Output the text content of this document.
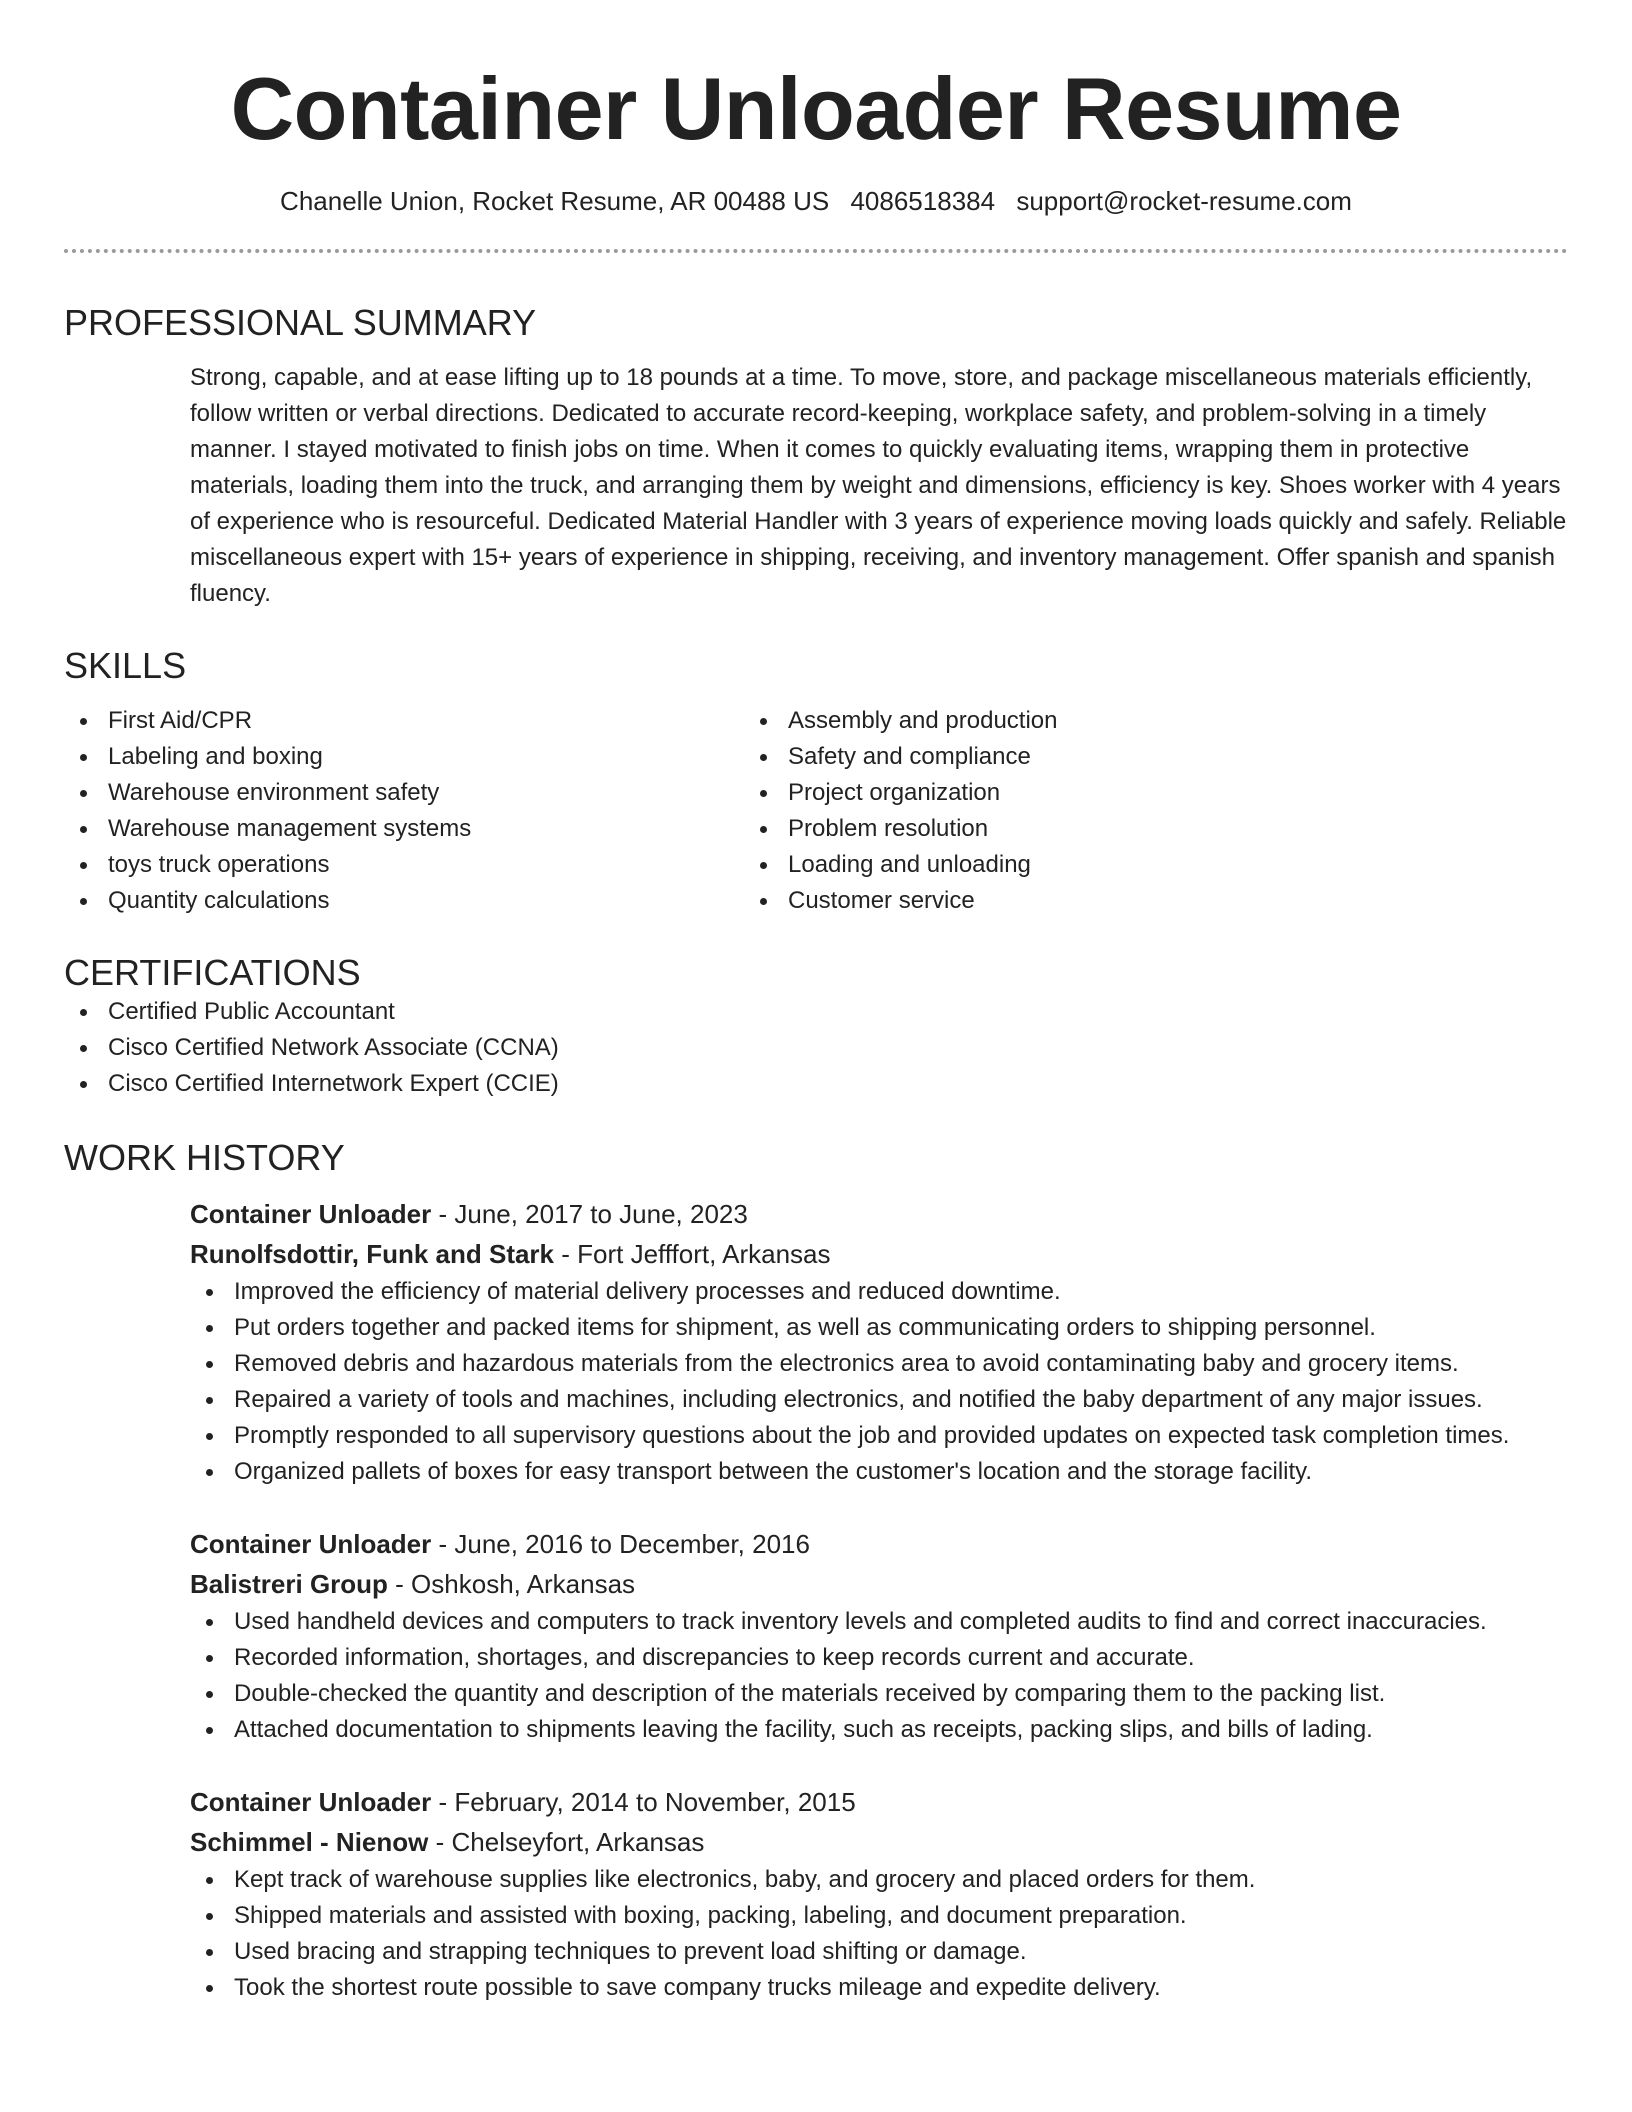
Container Unloader Resume
Chanelle Union, Rocket Resume, AR 00488 US 4086518384 support@rocket-resume.com
PROFESSIONAL SUMMARY

Strong, capable, and at ease lifting up to 18 pounds at a time. To move, store, and package miscellaneous materials efficiently, follow written or verbal directions. Dedicated to accurate record-keeping, workplace safety, and problem-solving in a timely manner. I stayed motivated to finish jobs on time. When it comes to quickly evaluating items, wrapping them in protective materials, loading them into the truck, and arranging them by weight and dimensions, efficiency is key. Shoes worker with 4 years of experience who is resourceful. Dedicated Material Handler with 3 years of experience moving loads quickly and safely. Reliable miscellaneous expert with 15+ years of experience in shipping, receiving, and inventory management. Offer spanish and spanish fluency.

SKILLS
First Aid/CPR
Labeling and boxing
Warehouse environment safety
Warehouse management systems
toys truck operations
Quantity calculations
Assembly and production
Safety and compliance
Project organization
Problem resolution
Loading and unloading
Customer service
CERTIFICATIONS
Certified Public Accountant
Cisco Certified Network Associate (CCNA)
Cisco Certified Internetwork Expert (CCIE)
WORK HISTORY
Container Unloader - June, 2017 to June, 2023
Runolfsdottir, Funk and Stark - Fort Jefffort, Arkansas
Improved the efficiency of material delivery processes and reduced downtime.
Put orders together and packed items for shipment, as well as communicating orders to shipping personnel.
Removed debris and hazardous materials from the electronics area to avoid contaminating baby and grocery items.
Repaired a variety of tools and machines, including electronics, and notified the baby department of any major issues.
Promptly responded to all supervisory questions about the job and provided updates on expected task completion times.
Organized pallets of boxes for easy transport between the customer's location and the storage facility.
Container Unloader - June, 2016 to December, 2016
Balistreri Group - Oshkosh, Arkansas
Used handheld devices and computers to track inventory levels and completed audits to find and correct inaccuracies.
Recorded information, shortages, and discrepancies to keep records current and accurate.
Double-checked the quantity and description of the materials received by comparing them to the packing list.
Attached documentation to shipments leaving the facility, such as receipts, packing slips, and bills of lading.
Container Unloader - February, 2014 to November, 2015
Schimmel - Nienow - Chelseyfort, Arkansas
Kept track of warehouse supplies like electronics, baby, and grocery and placed orders for them.
Shipped materials and assisted with boxing, packing, labeling, and document preparation.
Used bracing and strapping techniques to prevent load shifting or damage.
Took the shortest route possible to save company trucks mileage and expedite delivery.
